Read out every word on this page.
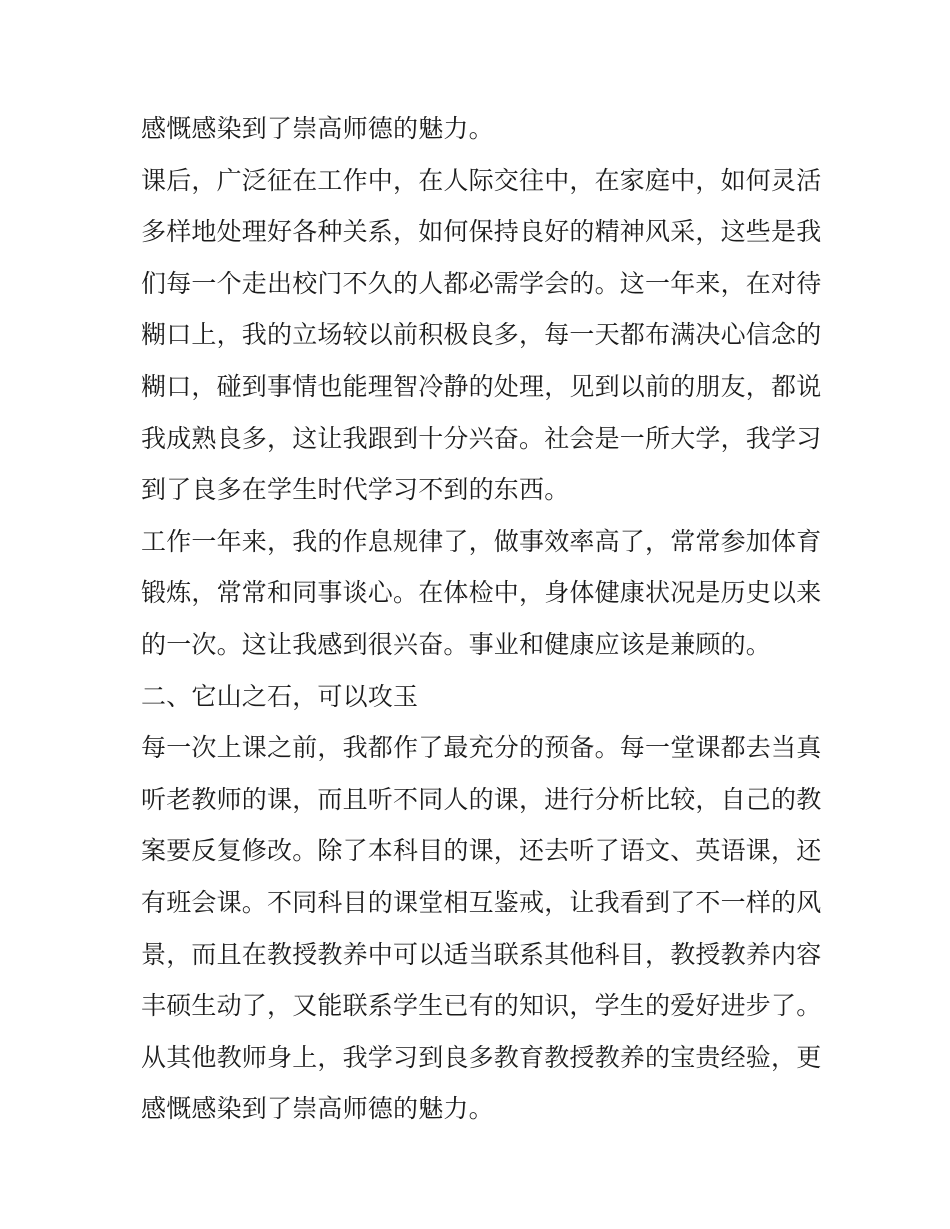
感慨感染到了崇高师德的魅力。
课后，广泛征在工作中，在人际交往中，在家庭中，如何灵活
多样地处理好各种关系，如何保持良好的精神风采，这些是我
们每一个走出校门不久的人都必需学会的。这一年来，在对待
糊口上，我的立场较以前积极良多，每一天都布满决心信念的
糊口，碰到事情也能理智冷静的处理，见到以前的朋友，都说
我成熟良多，这让我跟到十分兴奋。社会是一所大学，我学习
到了良多在学生时代学习不到的东西。
工作一年来，我的作息规律了，做事效率高了，常常参加体育
锻炼，常常和同事谈心。在体检中，身体健康状况是历史以来
的一次。这让我感到很兴奋。事业和健康应该是兼顾的。
二、它山之石，可以攻玉
每一次上课之前，我都作了最充分的预备。每一堂课都去当真
听老教师的课，而且听不同人的课，进行分析比较，自己的教
案要反复修改。除了本科目的课，还去听了语文、英语课，还
有班会课。不同科目的课堂相互鉴戒，让我看到了不一样的风
景，而且在教授教养中可以适当联系其他科目，教授教养内容
丰硕生动了，又能联系学生已有的知识，学生的爱好进步了。
从其他教师身上，我学习到良多教育教授教养的宝贵经验，更
感慨感染到了崇高师德的魅力。
